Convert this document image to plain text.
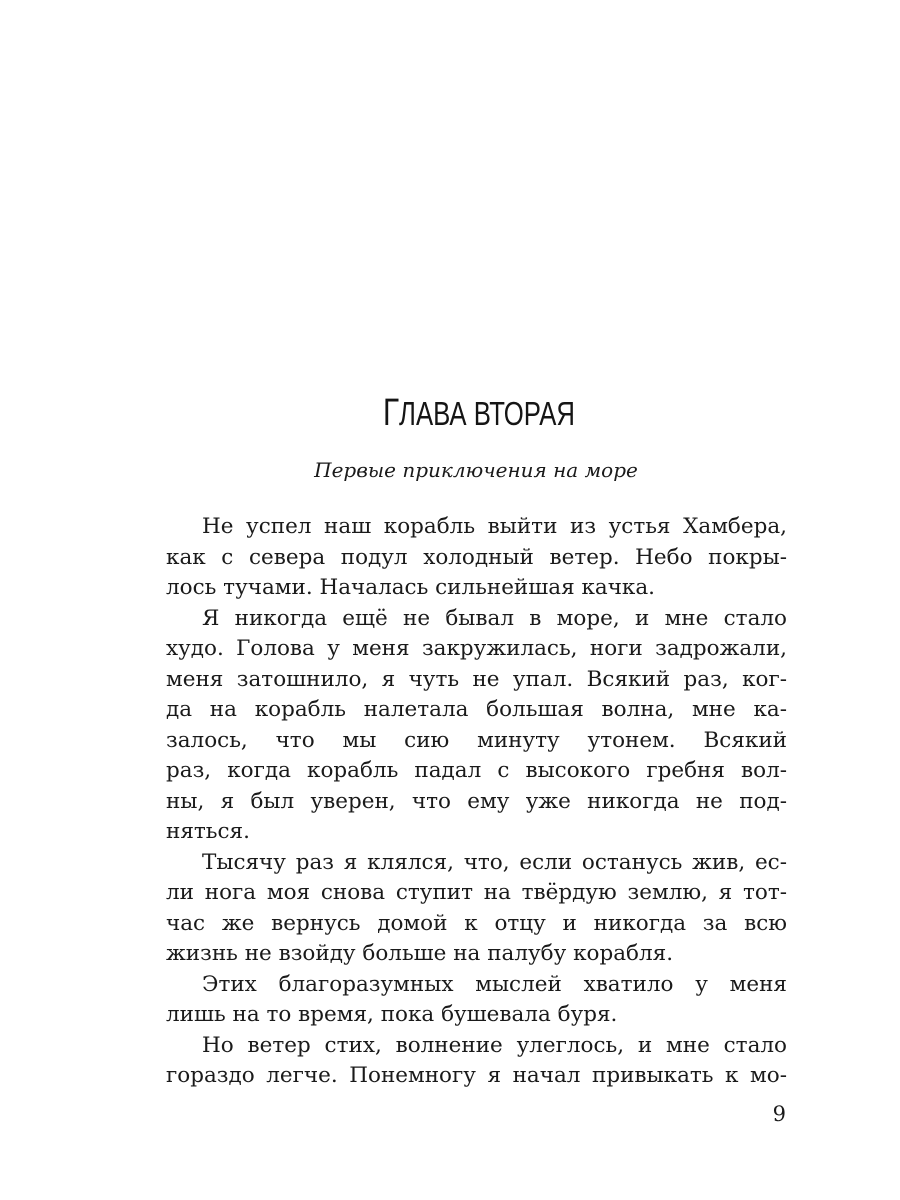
ГЛАВА ВТОРАЯ

Первые приключения на море

Не успел наш корабль выйти из устья Хамбера,
как с севера подул холодный ветер. Небо покры-
лось тучами. Началась сильнейшая качка.
Я никогда ещё не бывал в море, и мне стало
худо. Голова у меня закружилась, ноги задрожали,
меня затошнило, я чуть не упал. Всякий раз, ког-
да на корабль налетала большая волна, мне ка-
залось, что мы сию минуту утонем. Всякий
раз, когда корабль падал с высокого гребня вол-
ны, я был уверен, что ему уже никогда не под-
няться.
Тысячу раз я клялся, что, если останусь жив, ес-
ли нога моя снова ступит на твёрдую землю, я тот-
час же вернусь домой к отцу и никогда за всю
жизнь не взойду больше на палубу корабля.
Этих благоразумных мыслей хватило у меня
лишь на то время, пока бушевала буря.
Но ветер стих, волнение улеглось, и мне стало
гораздо легче. Понемногу я начал привыкать к мо-

9
